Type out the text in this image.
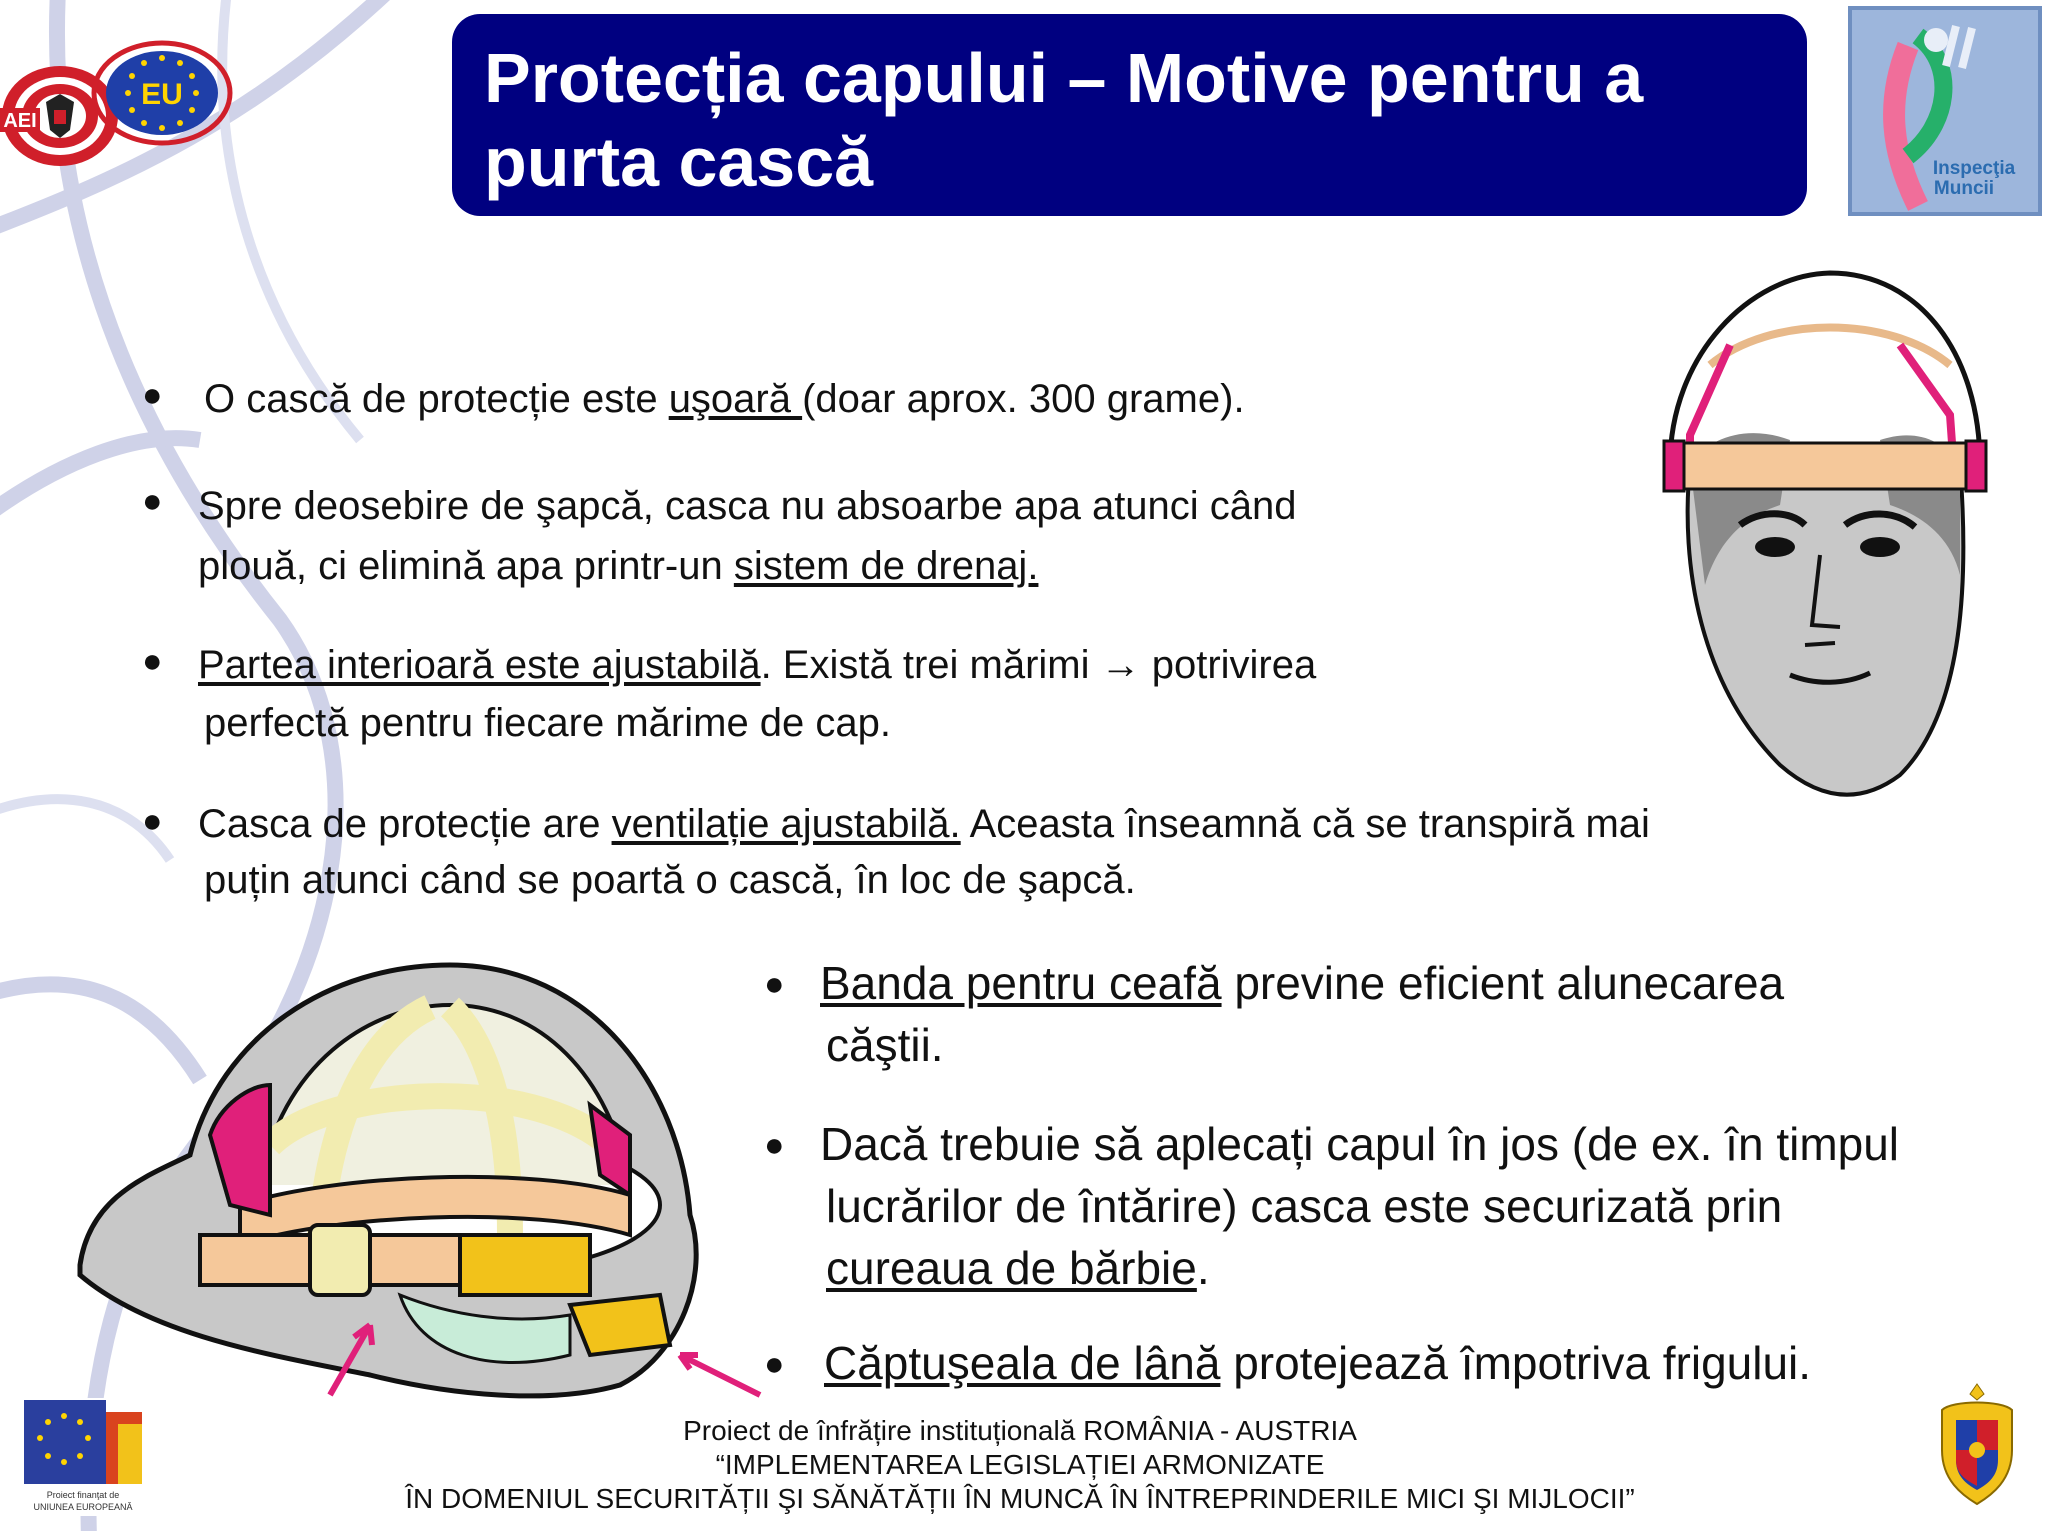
EU
AEI
Protecția capului – Motive pentru a
purta cască	Inspecţia
Muncii
● O cască de protecție este uşoară (doar aprox. 300 grame).
● Spre deosebire de şapcă, casca nu absoarbe apa atunci când
plouă, ci elimină apa printr-un sistem de drenaj.
● Partea interioară este ajustabilă. Există trei mărimi → potrivirea
perfectă pentru fiecare mărime de cap.
● Casca de protecție are ventilație ajustabilă. Aceasta înseamnă că se transpiră mai
puțin atunci când se poartă o cască, în loc de şapcă.
● Banda pentru ceafă previne eficient alunecarea
căştii.
● Dacă trebuie să aplecați capul în jos (de ex. în timpul
lucrărilor de întărire) casca este securizată prin
cureaua de bărbie.
● Căptuşeala de lână protejează împotriva frigului.
Proiect finanţat de
UNIUNEA EUROPEANĂ
Proiect de înfrățire instituțională ROMÂNIA - AUSTRIA
“IMPLEMENTAREA LEGISLAȚIEI ARMONIZATE
ÎN DOMENIUL SECURITĂȚII ŞI SĂNĂTĂȚII ÎN MUNCĂ ÎN ÎNTREPRINDERILE MICI ŞI MIJLOCII”
